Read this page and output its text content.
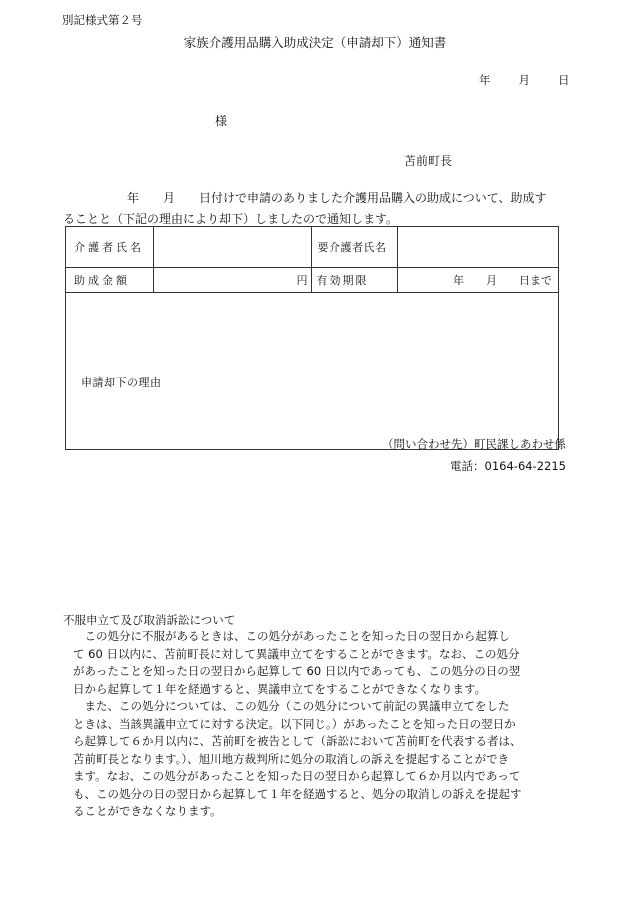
別記様式第２号
家族介護用品購入助成決定（申請却下）通知書
年 月 日
様
苫前町長
年　　月　　日付けで申請のありました介護用品購入の助成について、助成す
ることと（下記の理由により却下）しましたので通知します。
介護者氏名		要介護者氏名	
助成金額	円	有効期限	年　　月　　日まで
申請却下の理由			
（問い合わせ先）町民課しあわせ係
電話：0164-64-2215
不服申立て及び取消訴訟について
　この処分に不服があるときは、この処分があったことを知った日の翌日から起算し
て 60 日以内に、苫前町長に対して異議申立てをすることができます。なお、この処分
があったことを知った日の翌日から起算して 60 日以内であっても、この処分の日の翌
日から起算して１年を経過すると、異議申立てをすることができなくなります。
　また、この処分については、この処分（この処分について前記の異議申立てをした
ときは、当該異議申立てに対する決定。以下同じ。）があったことを知った日の翌日か
ら起算して６か月以内に、苫前町を被告として（訴訟において苫前町を代表する者は、
苫前町長となります。）、旭川地方裁判所に処分の取消しの訴えを提起することができ
ます。なお、この処分があったことを知った日の翌日から起算して６か月以内であって
も、この処分の日の翌日から起算して１年を経過すると、処分の取消しの訴えを提起す
ることができなくなります。
